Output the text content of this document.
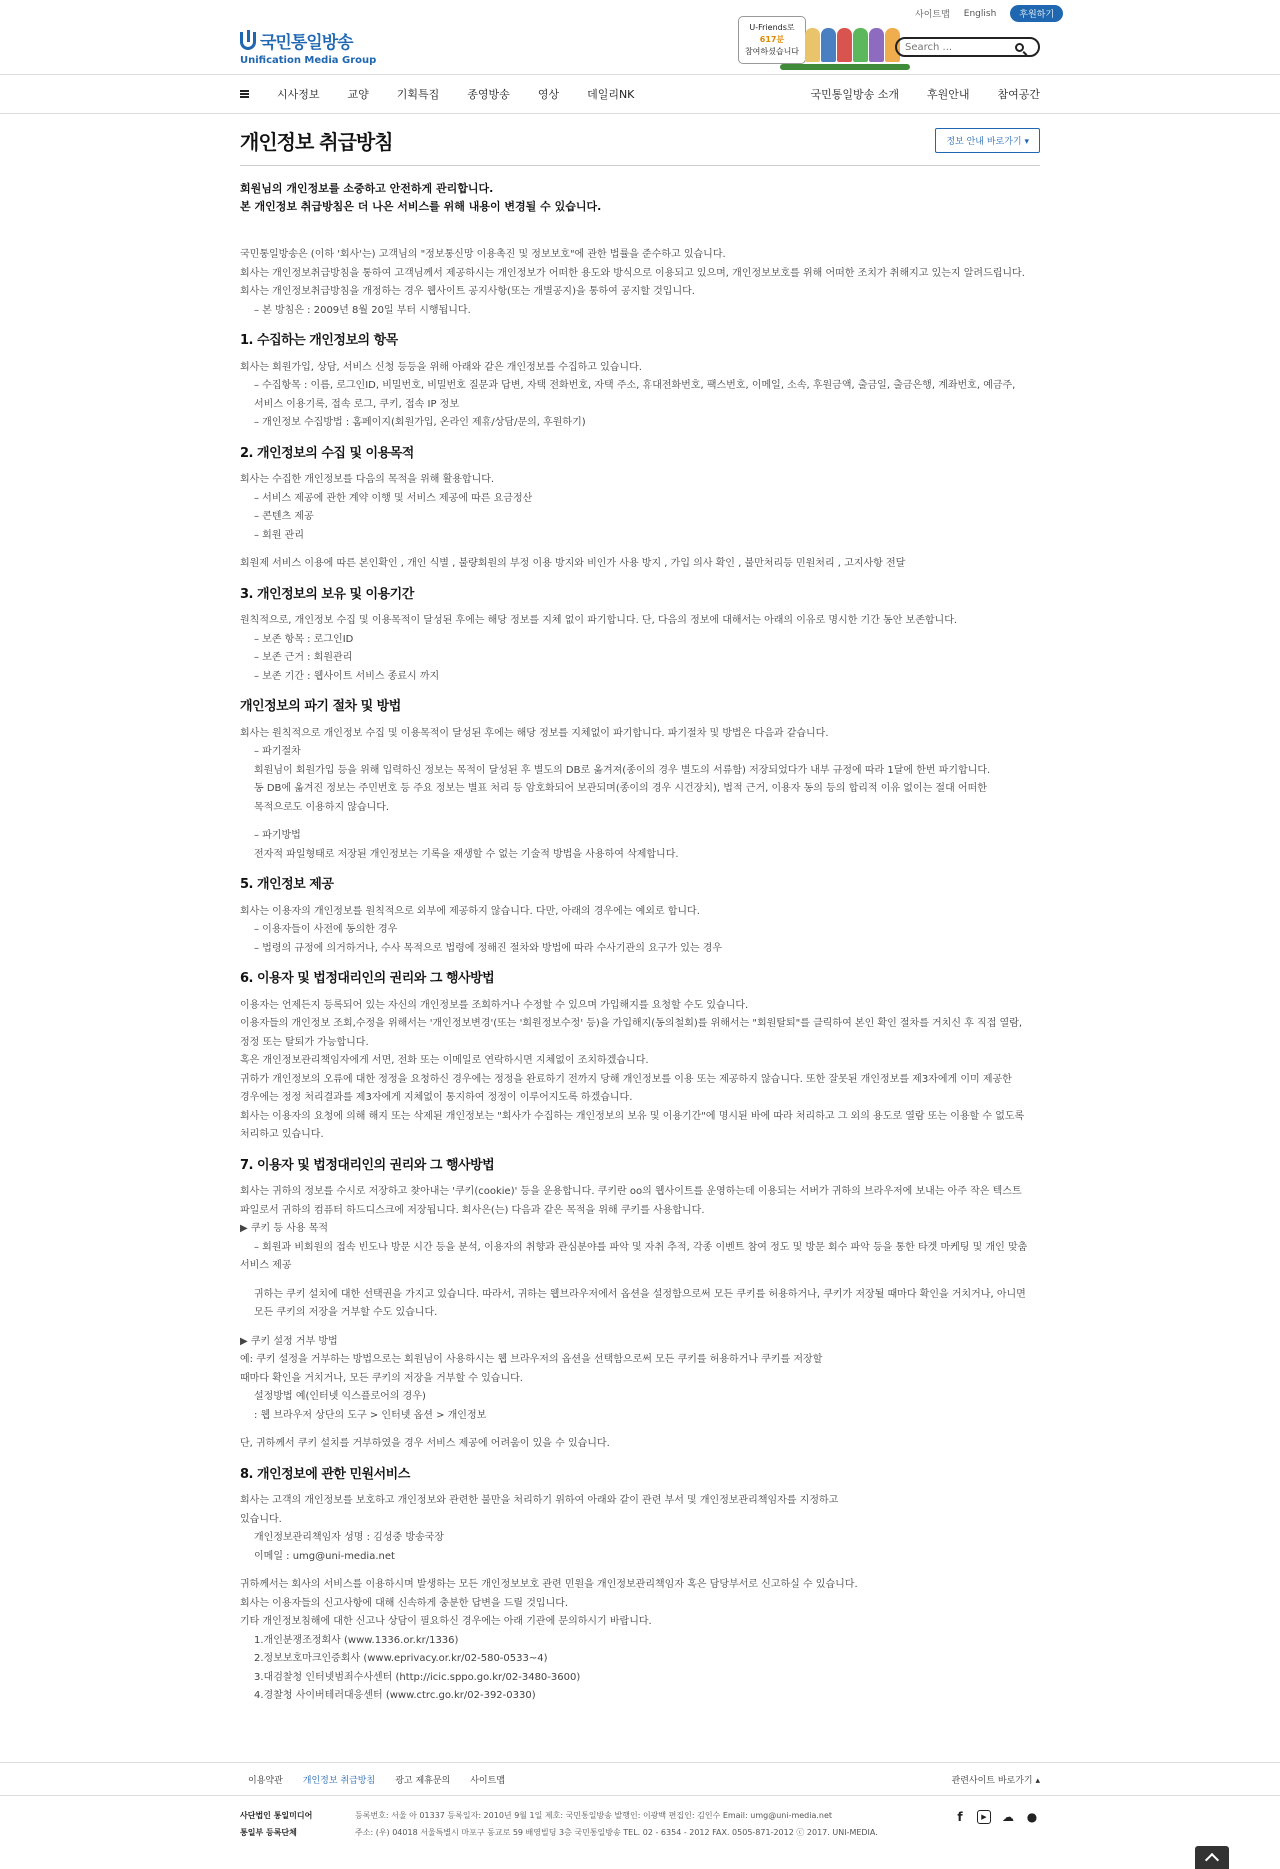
사이트맵 English	후원하기
국민통일방송
Unification Media Group
U-Friends로
617분
참여하셨습니다
Search ...
시사정보	교양	기획특집	종영방송	영상	데일리NK	국민통일방송 소개	후원안내	참여공간
개인정보 취급방침	정보 안내 바로가기 ▾
회원님의 개인정보를 소중하고 안전하게 관리합니다.
본 개인정보 취급방침은 더 나은 서비스를 위해 내용이 변경될 수 있습니다.
국민통일방송은 (이하 '회사'는) 고객님의 "정보통신망 이용촉진 및 정보보호"에 관한 법률을 준수하고 있습니다.
회사는 개인정보취급방침을 통하여 고객님께서 제공하시는 개인정보가 어떠한 용도와 방식으로 이용되고 있으며, 개인정보보호를 위해 어떠한 조치가 취해지고 있는지 알려드립니다.
회사는 개인정보취급방침을 개정하는 경우 웹사이트 공지사항(또는 개별공지)을 통하여 공지할 것입니다.
– 본 방침은 : 2009년 8월 20일 부터 시행됩니다.
1. 수집하는 개인정보의 항목
회사는 회원가입, 상담, 서비스 신청 등등을 위해 아래와 같은 개인정보를 수집하고 있습니다.
– 수집항목 : 이름, 로그인ID, 비밀번호, 비밀번호 질문과 답변, 자택 전화번호, 자택 주소, 휴대전화번호, 팩스번호, 이메일, 소속, 후원금액, 출금일, 출금은행, 계좌번호, 예금주,
서비스 이용기록, 접속 로그, 쿠키, 접속 IP 정보
– 개인정보 수집방법 : 홈페이지(회원가입, 온라인 제휴/상담/문의, 후원하기)
2. 개인정보의 수집 및 이용목적
회사는 수집한 개인정보를 다음의 목적을 위해 활용합니다.
– 서비스 제공에 관한 계약 이행 및 서비스 제공에 따른 요금정산
– 콘텐츠 제공
– 회원 관리
회원제 서비스 이용에 따른 본인확인 , 개인 식별 , 불량회원의 부정 이용 방지와 비인가 사용 방지 , 가입 의사 확인 , 불만처리등 민원처리 , 고지사항 전달
3. 개인정보의 보유 및 이용기간
원칙적으로, 개인정보 수집 및 이용목적이 달성된 후에는 해당 정보를 지체 없이 파기합니다. 단, 다음의 정보에 대해서는 아래의 이유로 명시한 기간 동안 보존합니다.
– 보존 항목 : 로그인ID
– 보존 근거 : 회원관리
– 보존 기간 : 웹사이트 서비스 종료시 까지
개인정보의 파기 절차 및 방법
회사는 원칙적으로 개인정보 수집 및 이용목적이 달성된 후에는 해당 정보를 지체없이 파기합니다. 파기절차 및 방법은 다음과 같습니다.
– 파기절차
회원님이 회원가입 등을 위해 입력하신 정보는 목적이 달성된 후 별도의 DB로 옮겨져(종이의 경우 별도의 서류함) 저장되었다가 내부 규정에 따라 1달에 한번 파기합니다.
동 DB에 옮겨진 정보는 주민번호 등 주요 정보는 별표 처리 등 암호화되어 보관되며(종이의 경우 시건장치), 법적 근거, 이용자 동의 등의 합리적 이유 없이는 절대 어떠한
목적으로도 이용하지 않습니다.
– 파기방법
전자적 파일형태로 저장된 개인정보는 기록을 재생할 수 없는 기술적 방법을 사용하여 삭제합니다.
5. 개인정보 제공
회사는 이용자의 개인정보를 원칙적으로 외부에 제공하지 않습니다. 다만, 아래의 경우에는 예외로 합니다.
– 이용자들이 사전에 동의한 경우
– 법령의 규정에 의거하거나, 수사 목적으로 법령에 정해진 절차와 방법에 따라 수사기관의 요구가 있는 경우
6. 이용자 및 법정대리인의 권리와 그 행사방법
이용자는 언제든지 등록되어 있는 자신의 개인정보를 조회하거나 수정할 수 있으며 가입해지를 요청할 수도 있습니다.
이용자들의 개인정보 조회,수정을 위해서는 '개인정보변경'(또는 '회원정보수정' 등)을 가입해지(동의철회)를 위해서는 "회원탈퇴"를 클릭하여 본인 확인 절차를 거치신 후 직접 열람,
정정 또는 탈퇴가 가능합니다.
혹은 개인정보관리책임자에게 서면, 전화 또는 이메일로 연락하시면 지체없이 조치하겠습니다.
귀하가 개인정보의 오류에 대한 정정을 요청하신 경우에는 정정을 완료하기 전까지 당해 개인정보를 이용 또는 제공하지 않습니다. 또한 잘못된 개인정보를 제3자에게 이미 제공한
경우에는 정정 처리결과를 제3자에게 지체없이 통지하여 정정이 이루어지도록 하겠습니다.
회사는 이용자의 요청에 의해 해지 또는 삭제된 개인정보는 "회사가 수집하는 개인정보의 보유 및 이용기간"에 명시된 바에 따라 처리하고 그 외의 용도로 열람 또는 이용할 수 없도록
처리하고 있습니다.
7. 이용자 및 법정대리인의 권리와 그 행사방법
회사는 귀하의 정보를 수시로 저장하고 찾아내는 '쿠키(cookie)' 등을 운용합니다. 쿠키란 oo의 웹사이트를 운영하는데 이용되는 서버가 귀하의 브라우저에 보내는 아주 작은 텍스트
파일로서 귀하의 컴퓨터 하드디스크에 저장됩니다. 회사은(는) 다음과 같은 목적을 위해 쿠키를 사용합니다.
▶ 쿠키 등 사용 목적
– 회원과 비회원의 접속 빈도나 방문 시간 등을 분석, 이용자의 취향과 관심분야를 파악 및 자취 추적, 각종 이벤트 참여 정도 및 방문 회수 파악 등을 통한 타겟 마케팅 및 개인 맞춤
서비스 제공
귀하는 쿠키 설치에 대한 선택권을 가지고 있습니다. 따라서, 귀하는 웹브라우저에서 옵션을 설정함으로써 모든 쿠키를 허용하거나, 쿠키가 저장될 때마다 확인을 거치거나, 아니면
모든 쿠키의 저장을 거부할 수도 있습니다.
▶ 쿠키 설정 거부 방법
예: 쿠키 설정을 거부하는 방법으로는 회원님이 사용하시는 웹 브라우저의 옵션을 선택함으로써 모든 쿠키를 허용하거나 쿠키를 저장할
때마다 확인을 거치거나, 모든 쿠키의 저장을 거부할 수 있습니다.
설정방법 예(인터넷 익스플로어의 경우)
: 웹 브라우저 상단의 도구 > 인터넷 옵션 > 개인정보
단, 귀하께서 쿠키 설치를 거부하였을 경우 서비스 제공에 어려움이 있을 수 있습니다.
8. 개인정보에 관한 민원서비스
회사는 고객의 개인정보를 보호하고 개인정보와 관련한 불만을 처리하기 위하여 아래와 같이 관련 부서 및 개인정보관리책임자를 지정하고
있습니다.
개인정보관리책임자 성명 : 김성중 방송국장
이메일 : umg@uni-media.net
귀하께서는 회사의 서비스를 이용하시며 발생하는 모든 개인정보보호 관련 민원을 개인정보관리책임자 혹은 담당부서로 신고하실 수 있습니다.
회사는 이용자들의 신고사항에 대해 신속하게 충분한 답변을 드릴 것입니다.
기타 개인정보침해에 대한 신고나 상담이 필요하신 경우에는 아래 기관에 문의하시기 바랍니다.
1.개인분쟁조정회사 (www.1336.or.kr/1336)
2.정보보호마크인증회사 (www.eprivacy.or.kr/02-580-0533~4)
3.대검찰청 인터넷범죄수사센터 (http://icic.sppo.go.kr/02-3480-3600)
4.경찰청 사이버테러대응센터 (www.ctrc.go.kr/02-392-0330)
이용약관 개인정보 취급방침 광고 제휴문의 사이트맵	관련사이트 바로가기 ▴
사단법인 통일미디어
통일부 등록단체
등록번호: 서울 아 01337 등록일자: 2010년 9월 1일 제호: 국민통일방송 발행인: 이광백 편집인: 김인수 Email: umg@uni-media.net
주소: (우) 04018 서울특별시 마포구 동교로 59 배영빌딩 3층 국민통일방송 TEL. 02 - 6354 - 2012 FAX. 0505-871-2012 ⓒ 2017. UNI-MEDIA.
f	▶	☁ ●
